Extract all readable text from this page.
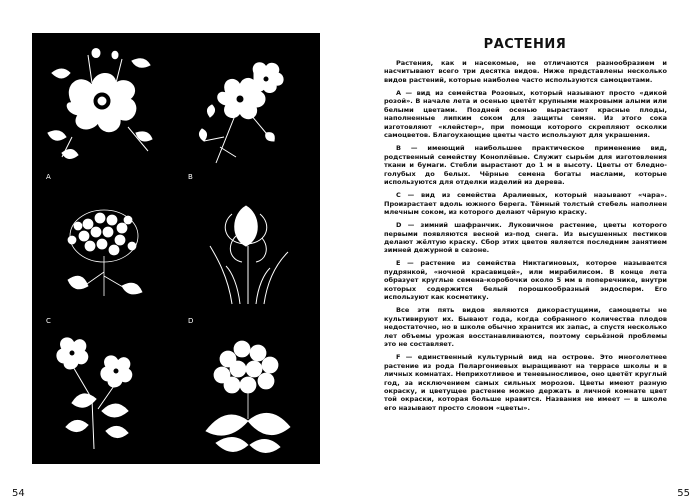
A	B
C	D
E	F
54
РАСТЕНИЯ

Растения, как и насекомые, не отличаются разнообразием и насчитывают всего три десятка видов. Ниже представлены несколько видов растений, которые наиболее часто используются самоцветами.

А — вид из семейства Розовых, который называют просто «дикой розой». В начале лета и осенью цветёт крупными махровыми алыми или белыми цветами. Поздней осенью вырастают красные плоды, наполненные липким соком для защиты семян. Из этого сока изготовляют «клейстер», при помощи которого скрепляют осколки самоцветов. Благоухающие цветы часто используют для украшения.

В — имеющий наибольшее практическое применение вид, родственный семейству Коноплёвые. Служит сырьём для изготовления ткани и бумаги. Стебли вырастают до 1 м в высоту. Цветы от бледно-голубых до белых. Чёрные семена богаты маслами, которые используются для отделки изделий из дерева.

С — вид из семейства Аралиевых, который называют «чара». Произрастает вдоль южного берега. Тёмный толстый стебель наполнен млечным соком, из которого делают чёрную краску.

D — зимний шафранчик. Луковичное растение, цветы которого первыми появляются весной из-под снега. Из высушенных пестиков делают жёлтую краску. Сбор этих цветов является последним занятием зимней дежурной в сезоне.

Е — растение из семейства Никтагиновых, которое называется пудрянкой, «ночной красавицей», или мирабилисом. В конце лета образует круглые семена-коробочки около 5 мм в поперечнике, внутри которых содержится белый порошкообразный эндосперм. Его используют как косметику.

Все эти пять видов являются дикорастущими, самоцветы не культивируют их. Бывают года, когда собранного количества плодов недостаточно, но в школе обычно хранится их запас, а спустя несколько лет объемы урожая восстанавливаются, поэтому серьёзной проблемы это не составляет.

F — единственный культурный вид на острове. Это многолетнее растение из рода Пеларгониевых выращивают на террасе школы и в личных комнатах. Неприхотливое и теневыносливое, оно цветёт круглый год, за исключением самых сильных морозов. Цветы имеют разную окраску, и цветущее растение можно держать в личной комнате цвет той окраски, которая больше нравится. Названия не имеет — в школе его называют просто словом «цветы».

55
